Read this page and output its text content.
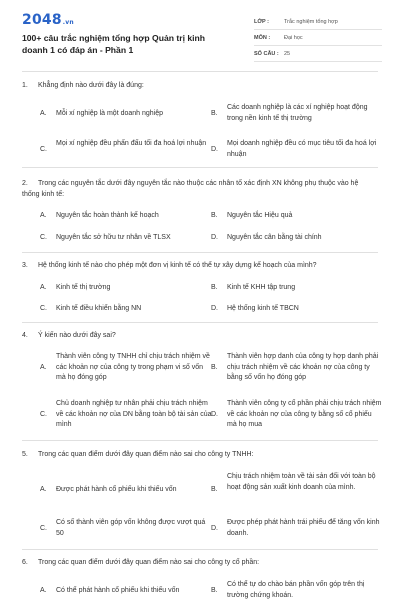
2048.vn
100+ câu trắc nghiệm tổng hợp Quản trị kinh doanh 1 có đáp án - Phần 1
LỚP :	Trắc nghiệm tổng hợp
MÔN :	Đại học
SỐ CÂU : 25
1. Khẳng định nào dưới đây là đúng:
A.	Mỗi xí nghiệp là một doanh nghiệp	B.
Các doanh nghiệp là các xí nghiệp hoạt động trong nền kinh tế thị trường
C.
Mọi xí nghiệp đều phấn đấu tối đa hoá lợi nhuận
D.
Mọi doanh nghiệp đều có mục tiêu tối đa hoá lợi nhuận
2. Trong các nguyên tắc dưới đây nguyên tắc nào thuộc các nhân tố xác định XN không phụ thuộc vào hệ thống kinh tế:
A.	Nguyên tắc hoàn thành kế hoạch	B.	Nguyên tắc Hiệu quả
C.	Nguyên tắc sở hữu tư nhân về TLSX	D.	Nguyên tắc cân bằng tài chính
3. Hệ thống kinh tế nào cho phép một đơn vị kinh tế có thể tự xây dựng kế hoạch của mình?
A.	Kinh tế thị trường	B.	Kinh tế KHH tập trung
C.	Kinh tế điều khiển bằng NN	D.	Hệ thống kinh tế TBCN
4. Ý kiến nào dưới đây sai?
A.
Thành viên công ty TNHH chỉ chịu trách nhiệm về các khoản nợ của công ty trong phạm vi số vốn mà họ đóng góp
B.
Thành viên hợp danh của công ty hợp danh phải chịu trách nhiệm về các khoản nợ của công ty bằng số vốn họ đóng góp
C.
Chủ doanh nghiệp tư nhân phải chịu trách nhiệm về các khoản nợ của DN bằng toàn bộ tài sản của mình
D.
Thành viên công ty cổ phần phải chịu trách nhiệm về các khoản nợ của công ty bằng số cổ phiếu mà họ mua
5. Trong các quan điểm dưới đây quan điểm nào sai cho công ty TNHH:
A.	Được phát hành cổ phiếu khi thiếu vốn	B.
Chịu trách nhiệm toàn về tài sản đối với toàn bộ hoạt động sản xuất kinh doanh của mình.
C.
Có số thành viên góp vốn không được vượt quá 50
D.
Được phép phát hành trái phiếu để tăng vốn kinh doanh.
6. Trong các quan điểm dưới đây quan điểm nào sai cho công ty cổ phần:
A.	Có thể phát hành cổ phiếu khi thiếu vốn	B.
Có thể tự do chào bán phần vốn góp trên thị trường chứng khoán.
